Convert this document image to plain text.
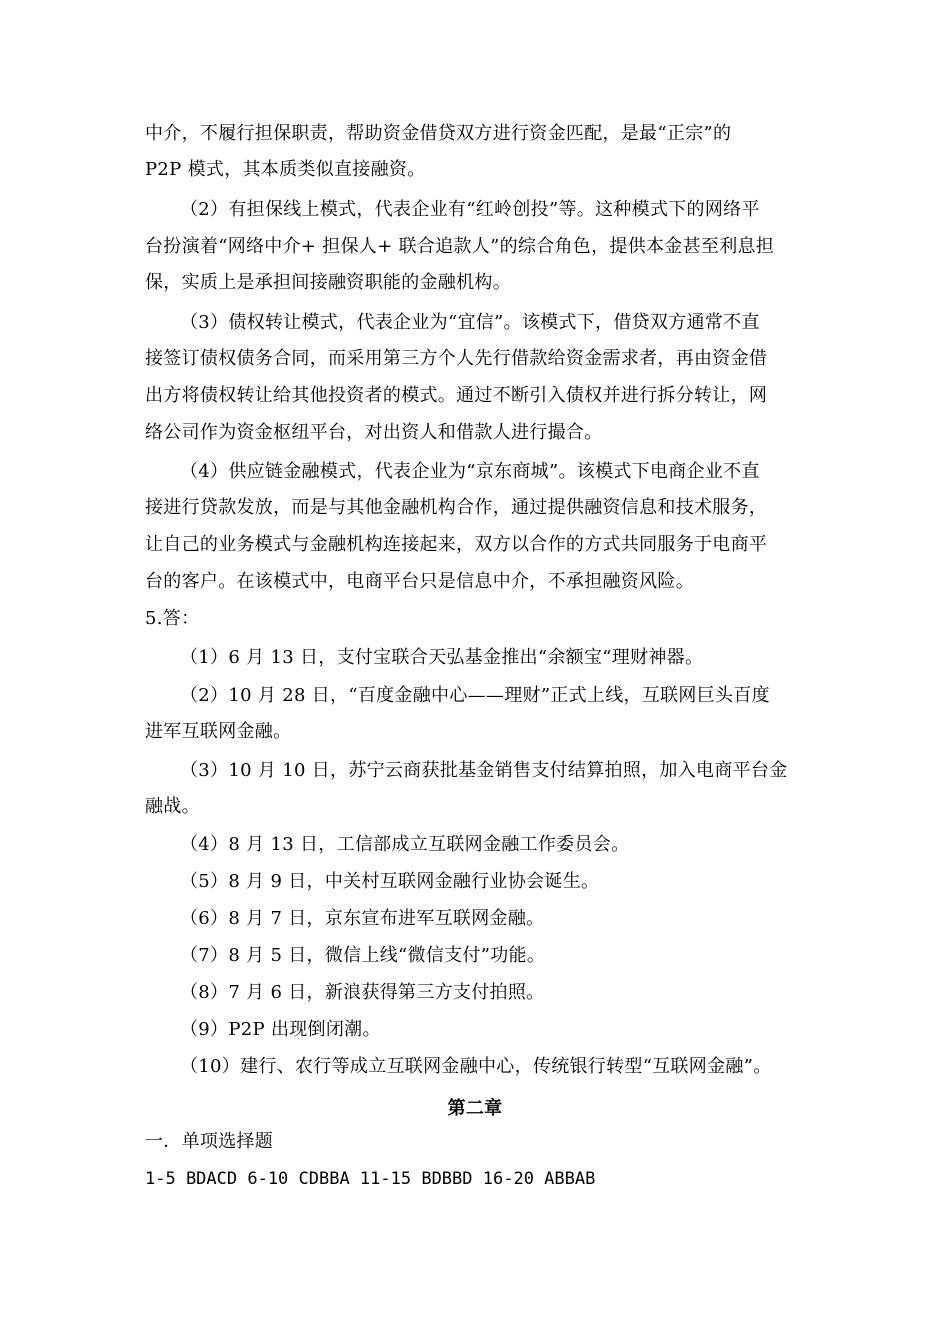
中介，不履行担保职责，帮助资金借贷双方进行资金匹配，是最“正宗”的
P2P 模式，其本质类似直接融资。
（2）有担保线上模式，代表企业有“红岭创投”等。这种模式下的网络平
台扮演着“网络中介+ 担保人+ 联合追款人”的综合角色，提供本金甚至利息担
保，实质上是承担间接融资职能的金融机构。
（3）债权转让模式，代表企业为“宜信”。该模式下，借贷双方通常不直
接签订债权债务合同，而采用第三方个人先行借款给资金需求者，再由资金借
出方将债权转让给其他投资者的模式。通过不断引入债权并进行拆分转让，网
络公司作为资金枢纽平台，对出资人和借款人进行撮合。
（4）供应链金融模式，代表企业为“京东商城”。该模式下电商企业不直
接进行贷款发放，而是与其他金融机构合作，通过提供融资信息和技术服务，
让自己的业务模式与金融机构连接起来，双方以合作的方式共同服务于电商平
台的客户。在该模式中，电商平台只是信息中介，不承担融资风险。
5.答：
（1）6 月 13 日，支付宝联合天弘基金推出“余额宝“理财神器。
（2）10 月 28 日，“百度金融中心——理财”正式上线，互联网巨头百度
进军互联网金融。
（3）10 月 10 日，苏宁云商获批基金销售支付结算拍照，加入电商平台金
融战。
（4）8 月 13 日，工信部成立互联网金融工作委员会。
（5）8 月 9 日，中关村互联网金融行业协会诞生。
（6）8 月 7 日，京东宣布进军互联网金融。
（7）8 月 5 日，微信上线“微信支付”功能。
（8）7 月 6 日，新浪获得第三方支付拍照。
（9）P2P 出现倒闭潮。
（10）建行、农行等成立互联网金融中心，传统银行转型“互联网金融”。
第二章
一．单项选择题
1-5 BDACD 6-10 CDBBA 11-15 BDBBD 16-20 ABBAB
